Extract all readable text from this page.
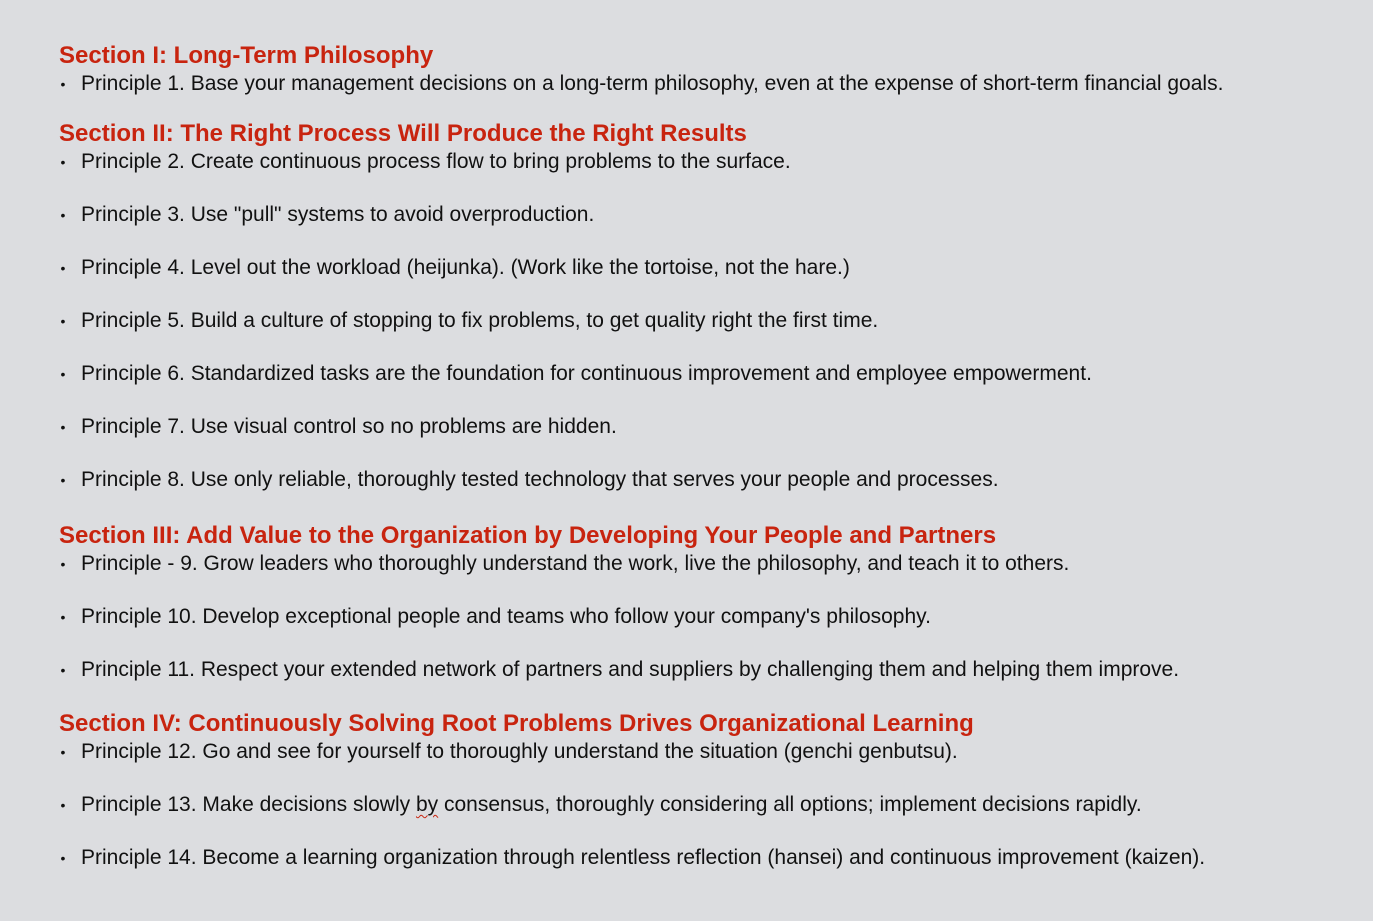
Section I: Long-Term Philosophy
• Principle 1. Base your management decisions on a long-term philosophy, even at the expense of short-term financial goals.
Section II: The Right Process Will Produce the Right Results
• Principle 2. Create continuous process flow to bring problems to the surface.
• Principle 3. Use "pull" systems to avoid overproduction.
• Principle 4. Level out the workload (heijunka). (Work like the tortoise, not the hare.)
• Principle 5. Build a culture of stopping to fix problems, to get quality right the first time.
• Principle 6. Standardized tasks are the foundation for continuous improvement and employee empowerment.
• Principle 7. Use visual control so no problems are hidden.
• Principle 8. Use only reliable, thoroughly tested technology that serves your people and processes.
Section III: Add Value to the Organization by Developing Your People and Partners
• Principle - 9. Grow leaders who thoroughly understand the work, live the philosophy, and teach it to others.
• Principle 10. Develop exceptional people and teams who follow your company's philosophy.
• Principle 11. Respect your extended network of partners and suppliers by challenging them and helping them improve.
Section IV: Continuously Solving Root Problems Drives Organizational Learning
• Principle 12. Go and see for yourself to thoroughly understand the situation (genchi genbutsu).
• Principle 13. Make decisions slowly by consensus, thoroughly considering all options; implement decisions rapidly.
• Principle 14. Become a learning organization through relentless reflection (hansei) and continuous improvement (kaizen).
